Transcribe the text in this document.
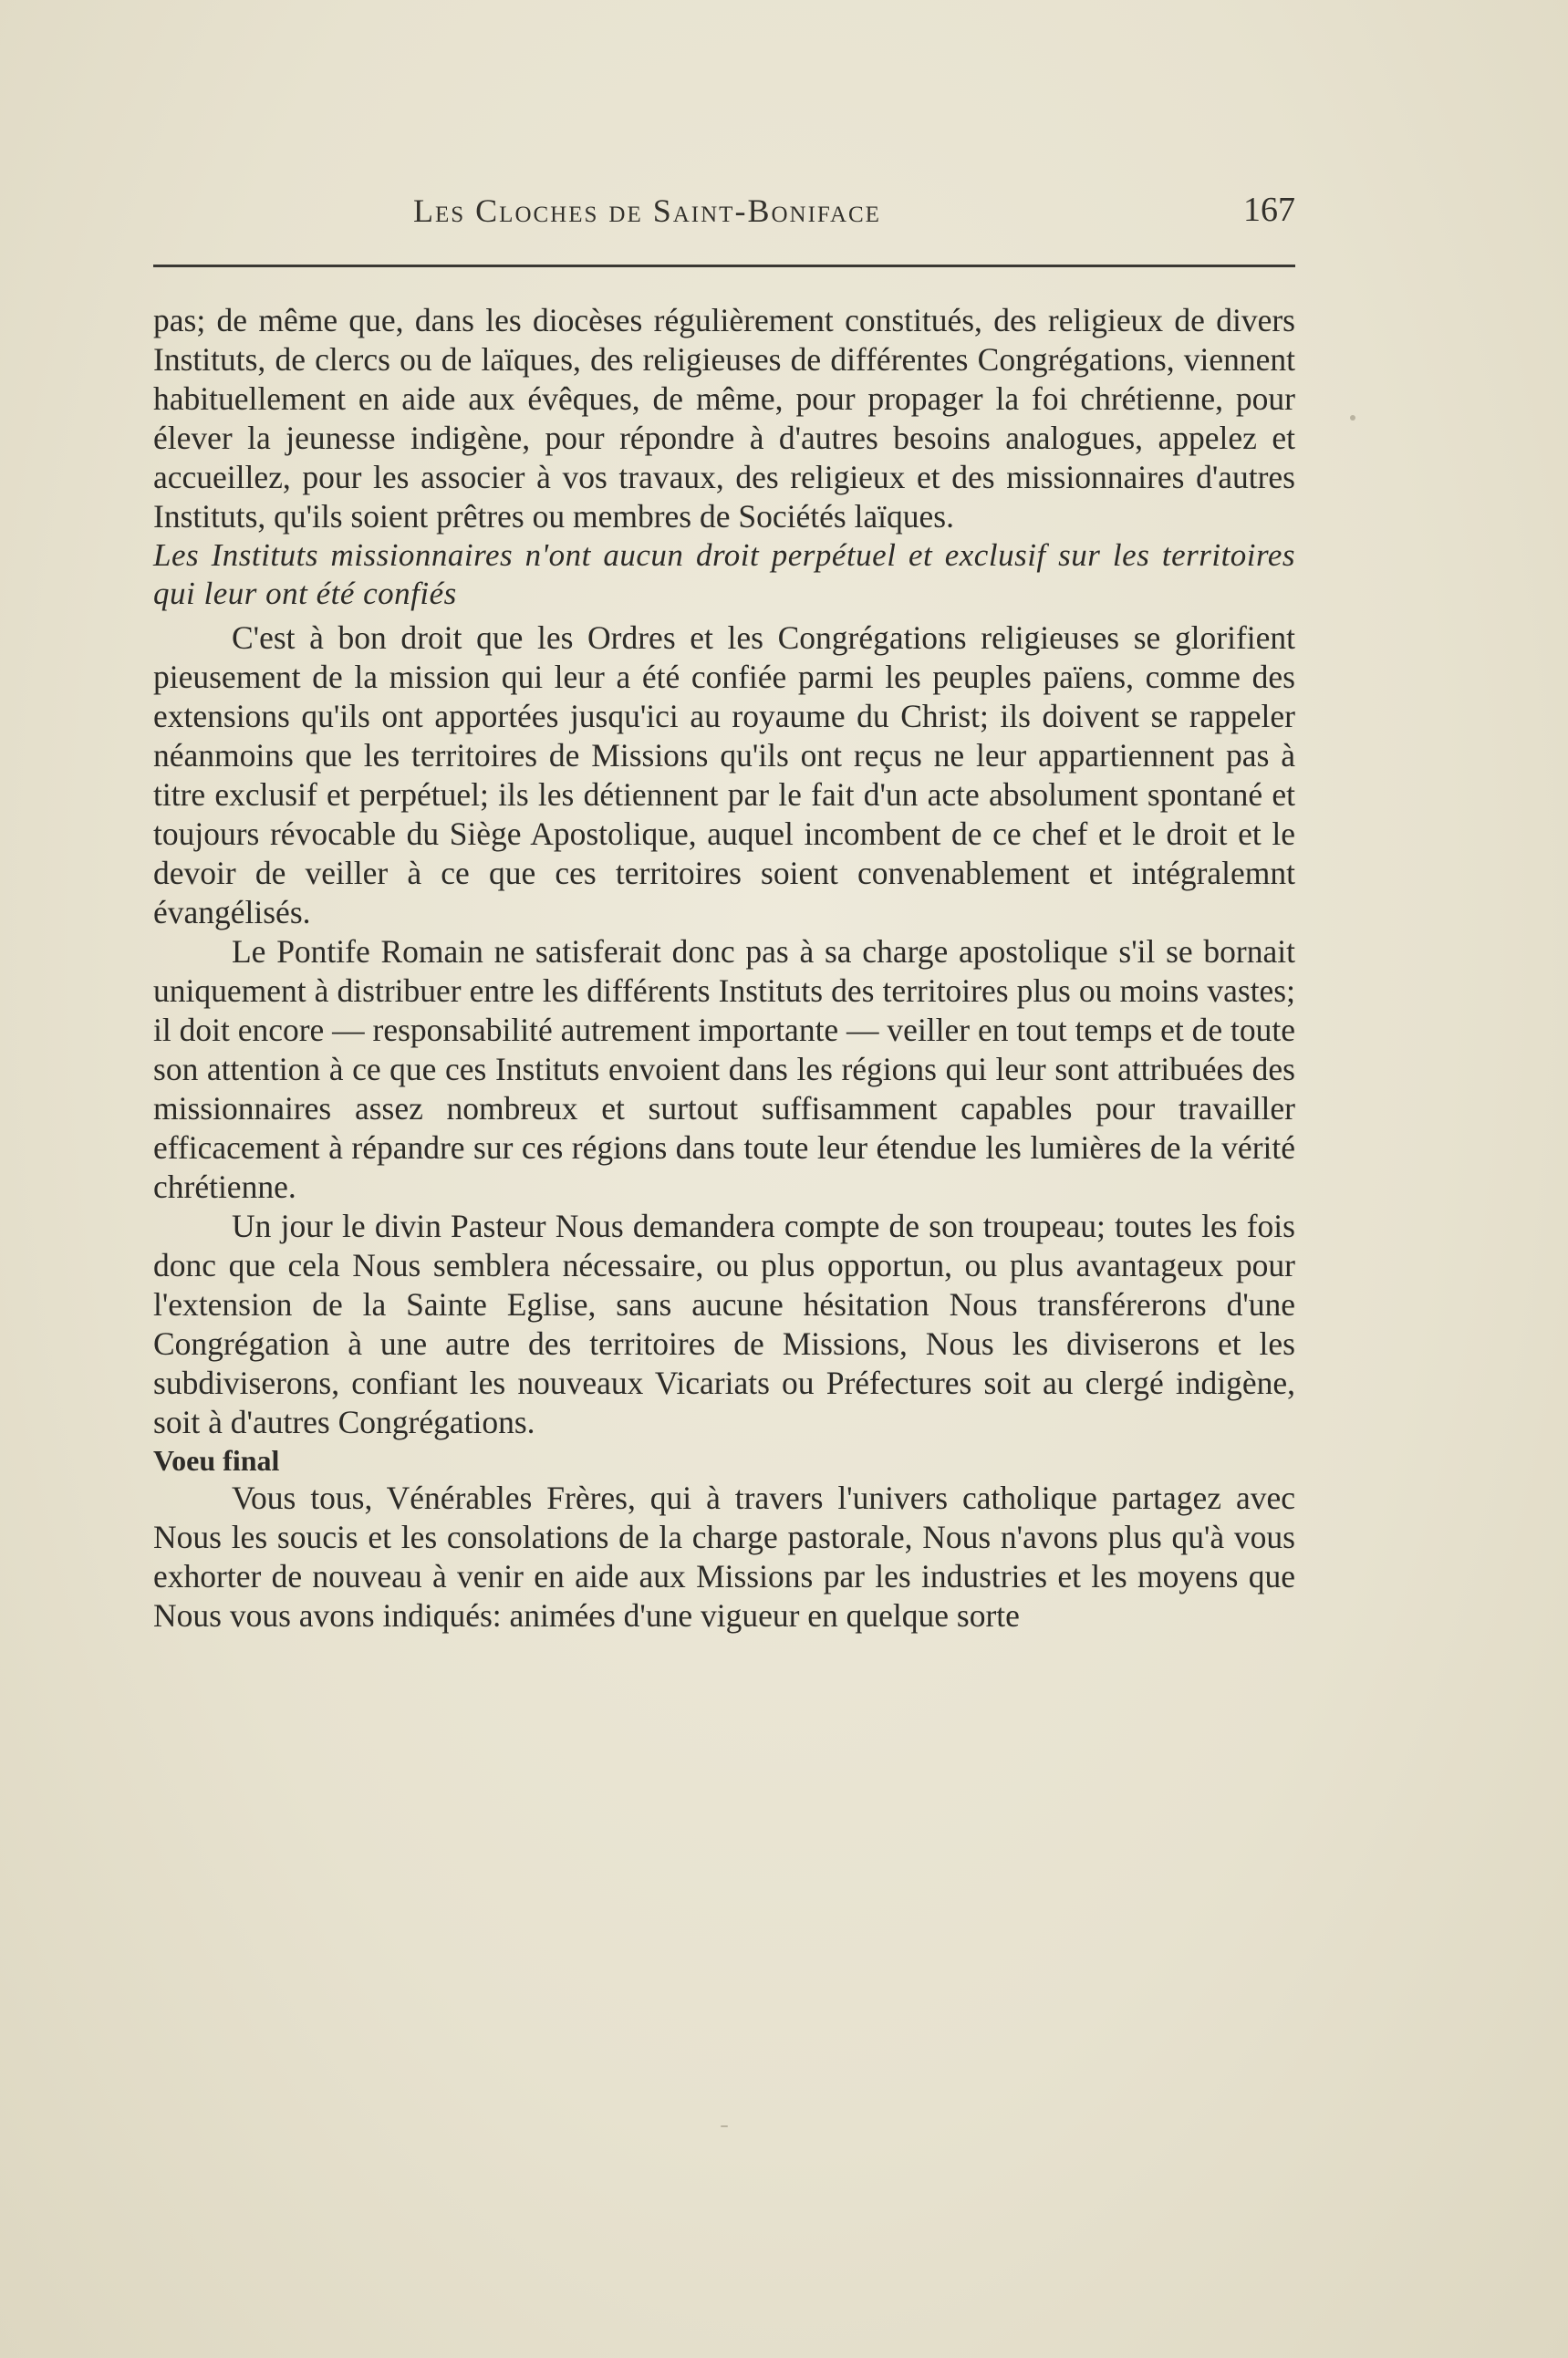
Les Cloches de Saint-Boniface	167

pas; de même que, dans les diocèses régulièrement constitués, des religieux de divers Instituts, de clercs ou de laïques, des religieuses de différentes Congrégations, viennent habituellement en aide aux évêques, de même, pour propager la foi chrétienne, pour élever la jeunesse indigène, pour répondre à d'autres besoins analogues, appelez et accueillez, pour les associer à vos travaux, des religieux et des missionnaires d'autres Instituts, qu'ils soient prêtres ou membres de Sociétés laïques.

Les Instituts missionnaires n'ont aucun droit perpétuel et exclusif sur les territoires qui leur ont été confiés

C'est à bon droit que les Ordres et les Congrégations religieuses se glorifient pieusement de la mission qui leur a été confiée parmi les peuples païens, comme des extensions qu'ils ont apportées jusqu'ici au royaume du Christ; ils doivent se rappeler néanmoins que les territoires de Missions qu'ils ont reçus ne leur appartiennent pas à titre exclusif et perpétuel; ils les détiennent par le fait d'un acte absolument spontané et toujours révocable du Siège Apostolique, auquel incombent de ce chef et le droit et le devoir de veiller à ce que ces territoires soient convenablement et intégralemnt évangélisés.

Le Pontife Romain ne satisferait donc pas à sa charge apostolique s'il se bornait uniquement à distribuer entre les différents Instituts des territoires plus ou moins vastes; il doit encore — responsabilité autrement importante — veiller en tout temps et de toute son attention à ce que ces Instituts envoient dans les régions qui leur sont attribuées des missionnaires assez nombreux et surtout suffisamment capables pour travailler efficacement à répandre sur ces régions dans toute leur étendue les lumières de la vérité chrétienne.

Un jour le divin Pasteur Nous demandera compte de son troupeau; toutes les fois donc que cela Nous semblera nécessaire, ou plus opportun, ou plus avantageux pour l'extension de la Sainte Eglise, sans aucune hésitation Nous transférerons d'une Congrégation à une autre des territoires de Missions, Nous les diviserons et les subdiviserons, confiant les nouveaux Vicariats ou Préfectures soit au clergé indigène, soit à d'autres Congrégations.

Voeu final

Vous tous, Vénérables Frères, qui à travers l'univers catholique partagez avec Nous les soucis et les consolations de la charge pastorale, Nous n'avons plus qu'à vous exhorter de nouveau à venir en aide aux Missions par les industries et les moyens que Nous vous avons indiqués: animées d'une vigueur en quelque sorte
